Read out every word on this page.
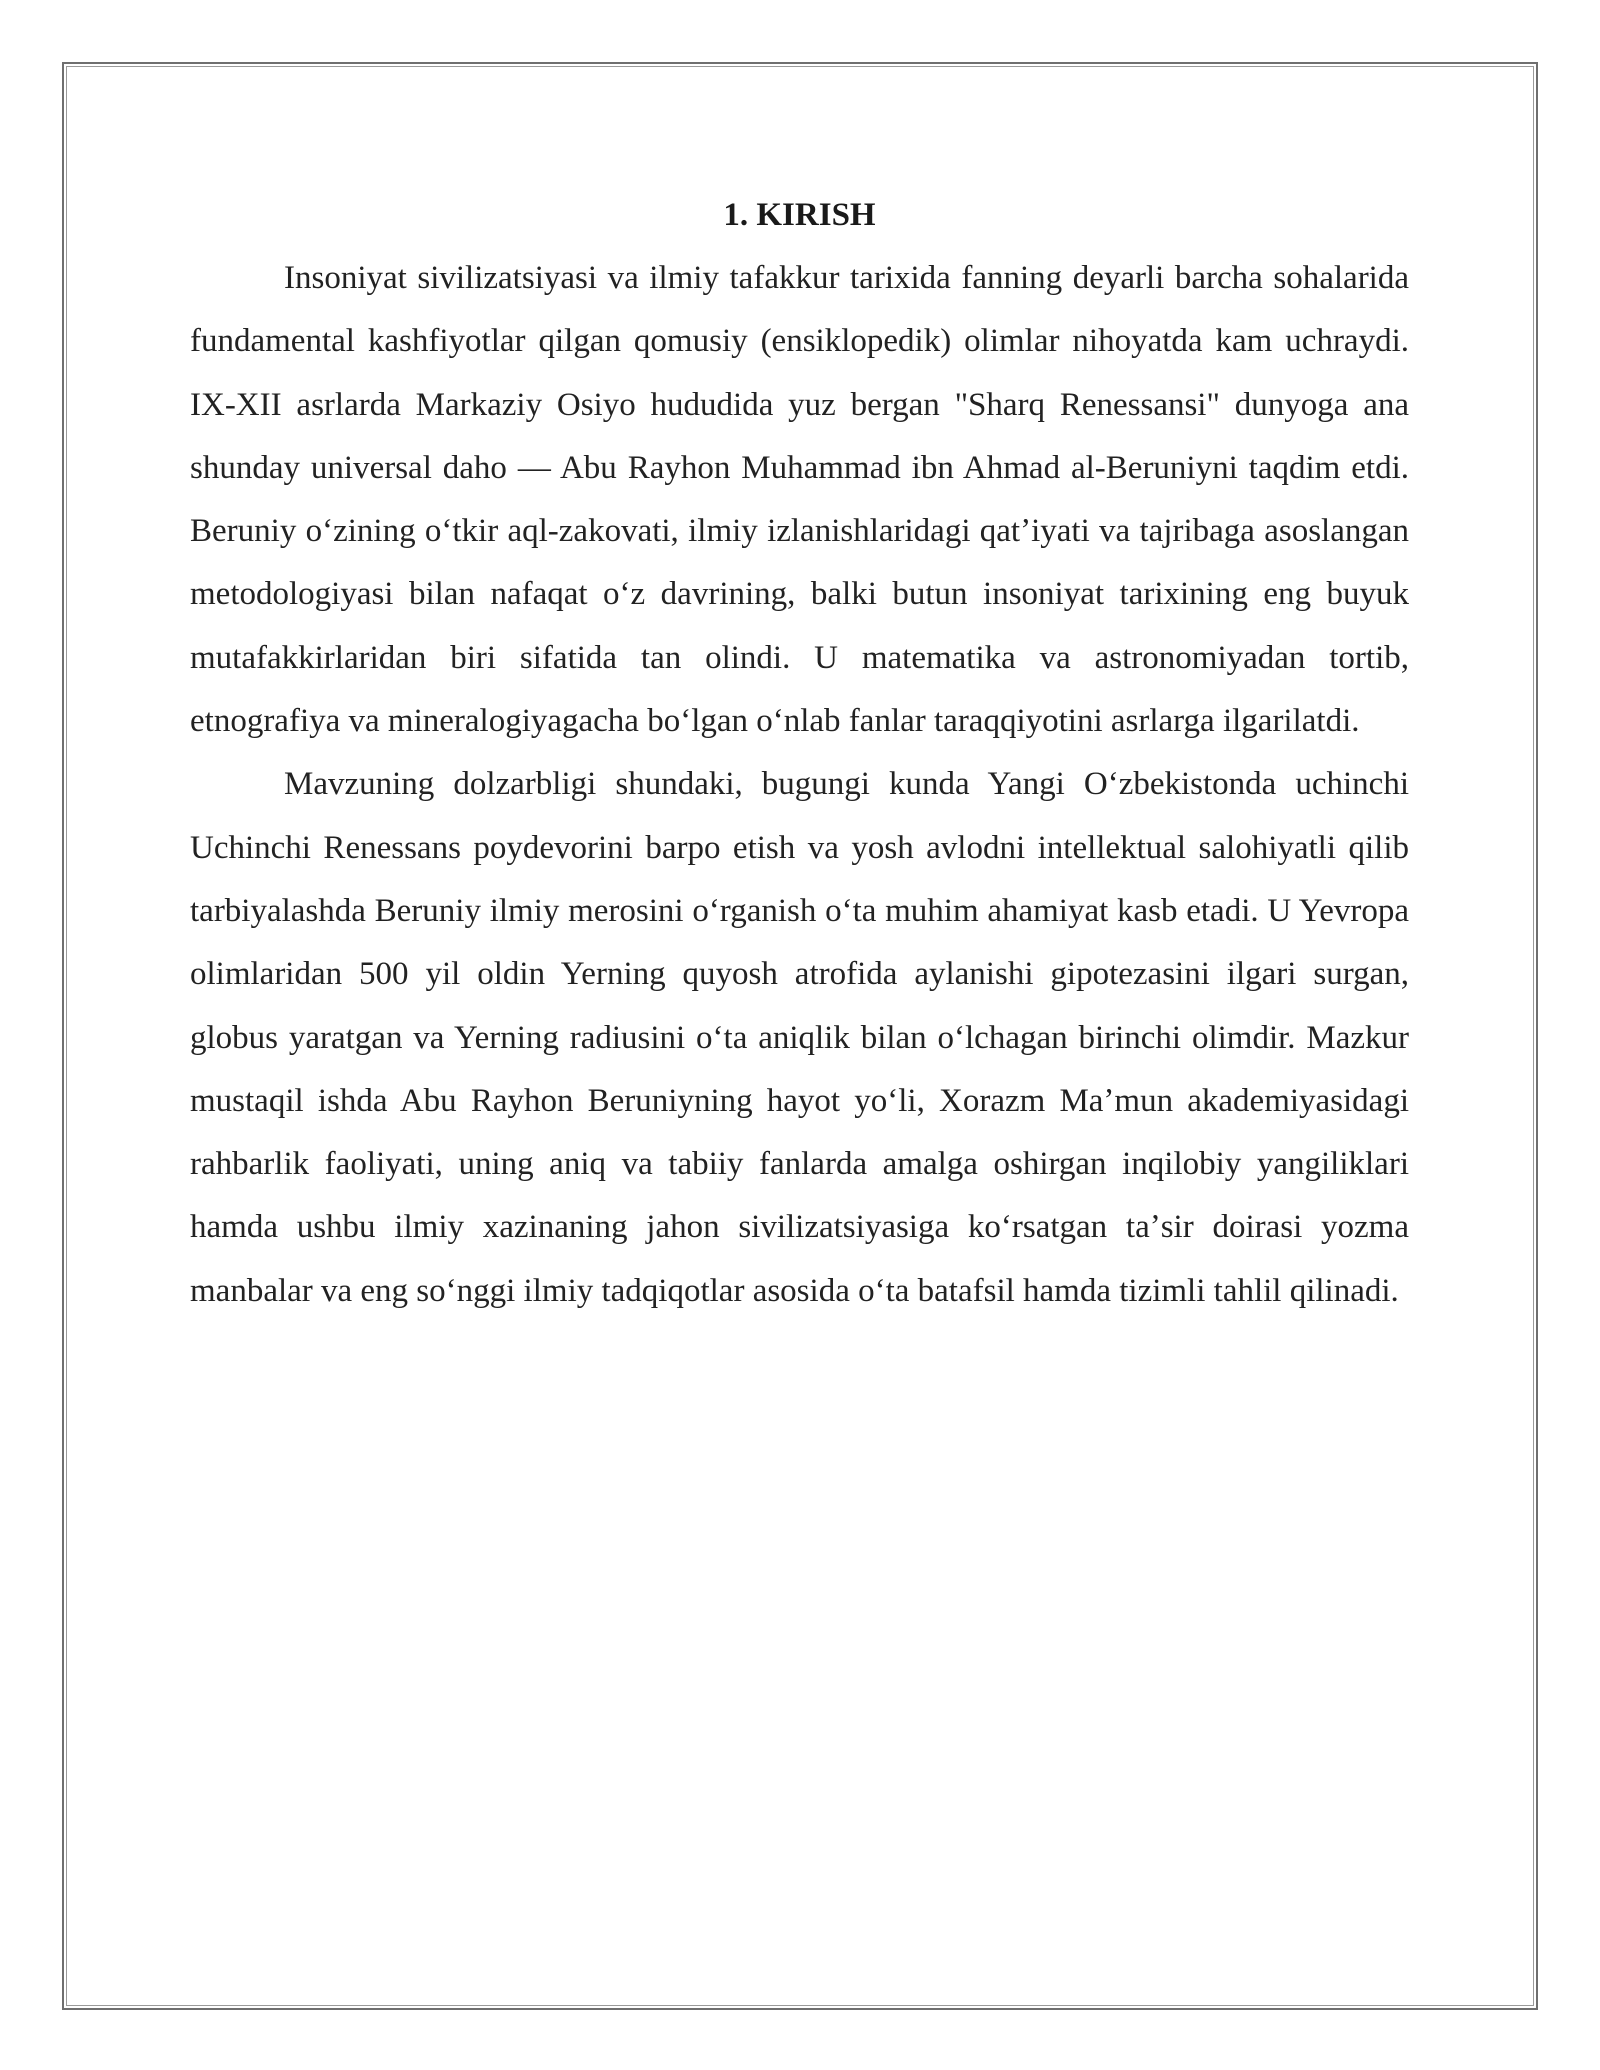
1. KIRISH

Insoniyat sivilizatsiyasi va ilmiy tafakkur tarixida fanning deyarli barcha sohalarida fundamental kashfiyotlar qilgan qomusiy (ensiklopedik) olimlar nihoyatda kam uchraydi. IX-XII asrlarda Markaziy Osiyo hududida yuz bergan "Sharq Renessansi" dunyoga ana shunday universal daho — Abu Rayhon Muhammad ibn Ahmad al-Beruniyni taqdim etdi. Beruniy oʻzining oʻtkir aql-zakovati, ilmiy izlanishlaridagi qatʼiyati va tajribaga asoslangan metodologiyasi bilan nafaqat oʻz davrining, balki butun insoniyat tarixining eng buyuk mutafakkirlaridan biri sifatida tan olindi. U matematika va astronomiyadan tortib, etnografiya va mineralogiyagacha boʻlgan oʻnlab fanlar taraqqiyotini asrlarga ilgarilatdi.

Mavzuning dolzarbligi shundaki, bugungi kunda Yangi Oʻzbekistonda uchinchi Uchinchi Renessans poydevorini barpo etish va yosh avlodni intellektual salohiyatli qilib tarbiyalashda Beruniy ilmiy merosini oʻrganish oʻta muhim ahamiyat kasb etadi. U Yevropa olimlaridan 500 yil oldin Yerning quyosh atrofida aylanishi gipotezasini ilgari surgan, globus yaratgan va Yerning radiusini oʻta aniqlik bilan oʻlchagan birinchi olimdir. Mazkur mustaqil ishda Abu Rayhon Beruniyning hayot yoʻli, Xorazm Maʼmun akademiyasidagi rahbarlik faoliyati, uning aniq va tabiiy fanlarda amalga oshirgan inqilobiy yangiliklari hamda ushbu ilmiy xazinaning jahon sivilizatsiyasiga koʻrsatgan taʼsir doirasi yozma manbalar va eng soʻnggi ilmiy tadqiqotlar asosida oʻta batafsil hamda tizimli tahlil qilinadi.
